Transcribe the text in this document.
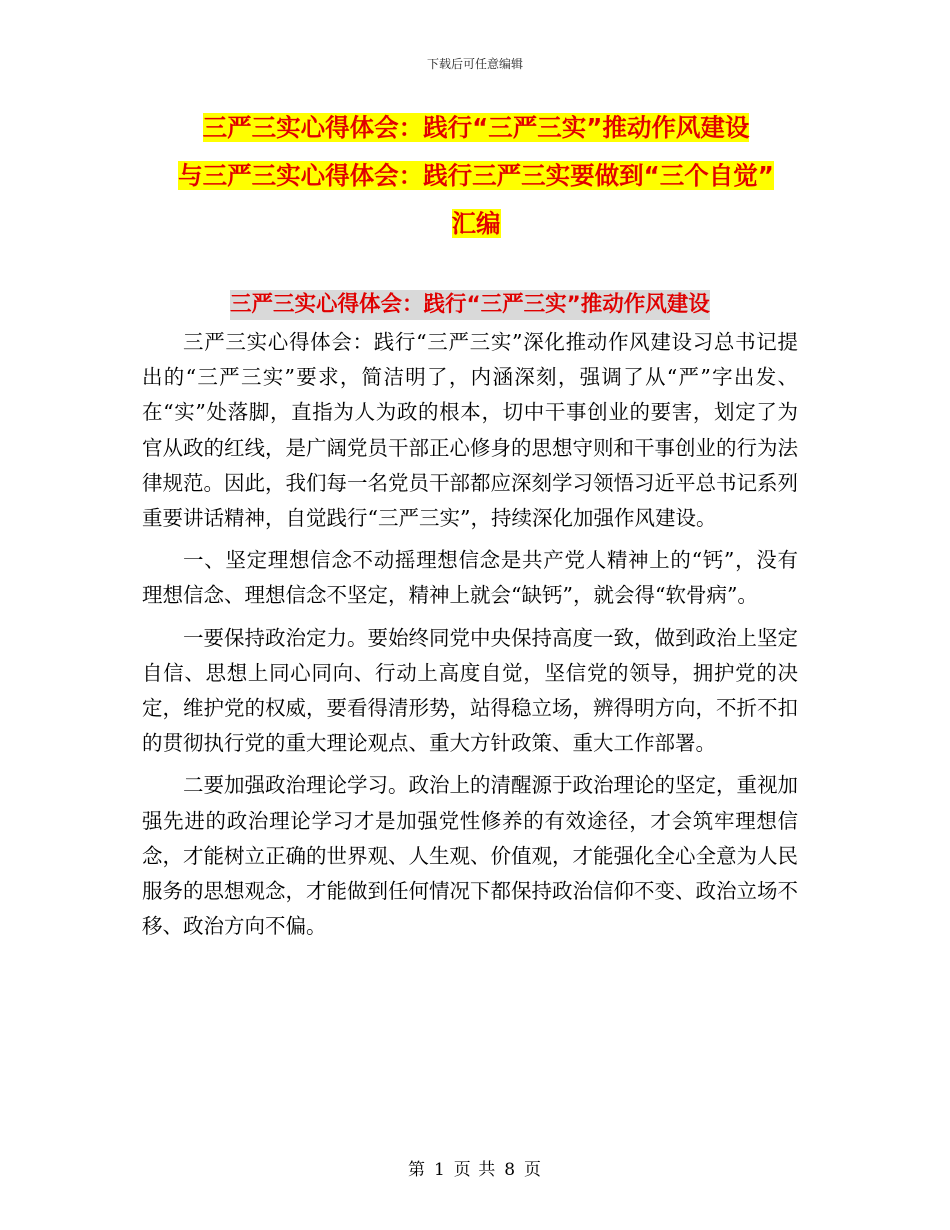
下载后可任意编辑
三严三实心得体会：践行“三严三实”推动作风建设
与三严三实心得体会：践行三严三实要做到“三个自觉”
汇编
三严三实心得体会：践行“三严三实”推动作风建设

三严三实心得体会：践行“三严三实”深化推动作风建设习总书记提出的“三严三实”要求，简洁明了，内涵深刻，强调了从“严”字出发、在“实”处落脚，直指为人为政的根本，切中干事创业的要害，划定了为官从政的红线，是广阔党员干部正心修身的思想守则和干事创业的行为法律规范。因此，我们每一名党员干部都应深刻学习领悟习近平总书记系列重要讲话精神，自觉践行“三严三实”，持续深化加强作风建设。

一、坚定理想信念不动摇理想信念是共产党人精神上的“钙”，没有理想信念、理想信念不坚定，精神上就会“缺钙”，就会得“软骨病”。

一要保持政治定力。要始终同党中央保持高度一致，做到政治上坚定自信、思想上同心同向、行动上高度自觉，坚信党的领导，拥护党的决定，维护党的权威，要看得清形势，站得稳立场，辨得明方向，不折不扣的贯彻执行党的重大理论观点、重大方针政策、重大工作部署。

二要加强政治理论学习。政治上的清醒源于政治理论的坚定，重视加强先进的政治理论学习才是加强党性修养的有效途径，才会筑牢理想信念，才能树立正确的世界观、人生观、价值观，才能强化全心全意为人民服务的思想观念，才能做到任何情况下都保持政治信仰不变、政治立场不移、政治方向不偏。

第 1 页 共 8 页
